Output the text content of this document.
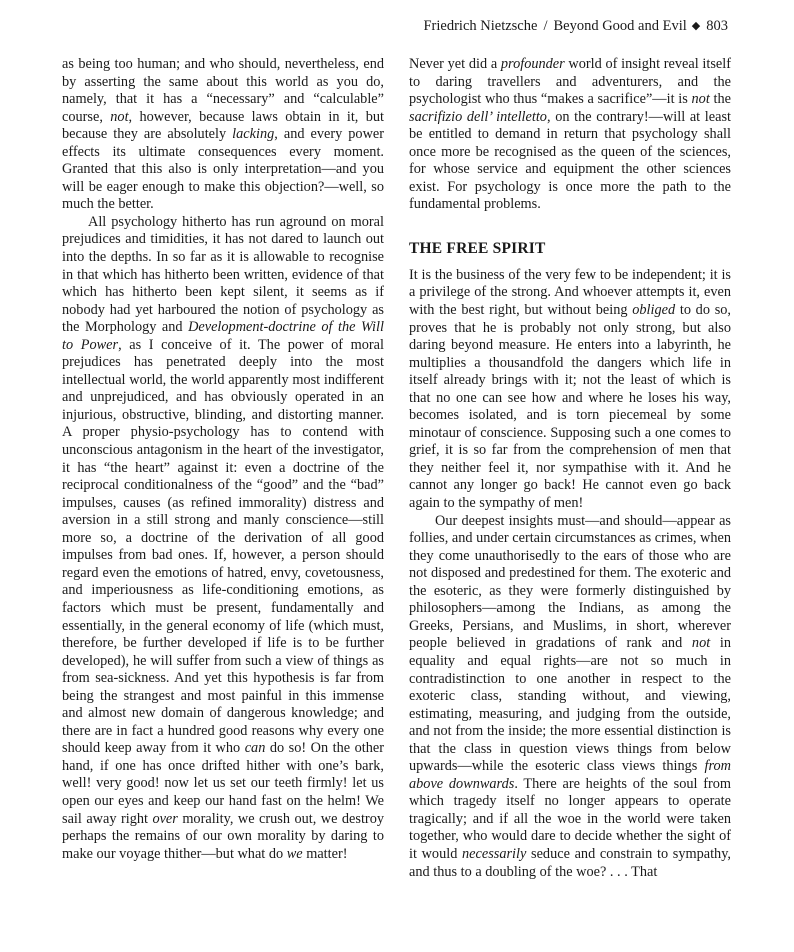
Friedrich Nietzsche / Beyond Good and Evil ◆ 803

as being too human; and who should, nevertheless, end by asserting the same about this world as you do, namely, that it has a “necessary” and “calculable” course, not, however, because laws obtain in it, but because they are absolutely lacking, and every power effects its ultimate consequences every moment. Granted that this also is only interpretation—and you will be eager enough to make this objection?—well, so much the better.

All psychology hitherto has run aground on moral prejudices and timidities, it has not dared to launch out into the depths. In so far as it is allowable to recognise in that which has hitherto been written, evidence of that which has hitherto been kept silent, it seems as if nobody had yet harboured the notion of psychology as the Morphology and Development-doctrine of the Will to Power, as I conceive of it. The power of moral prejudices has penetrated deeply into the most intellectual world, the world apparently most indifferent and unprejudiced, and has obviously operated in an injurious, obstructive, blinding, and distorting manner. A proper physio-psychology has to contend with unconscious antagonism in the heart of the investigator, it has “the heart” against it: even a doctrine of the reciprocal conditionalness of the “good” and the “bad” impulses, causes (as refined immorality) distress and aversion in a still strong and manly conscience—still more so, a doctrine of the derivation of all good impulses from bad ones. If, however, a person should regard even the emotions of hatred, envy, covetousness, and imperiousness as life-conditioning emotions, as factors which must be present, fundamentally and essentially, in the general economy of life (which must, therefore, be further developed if life is to be further developed), he will suffer from such a view of things as from sea-sickness. And yet this hypothesis is far from being the strangest and most painful in this immense and almost new domain of dangerous knowledge; and there are in fact a hundred good reasons why every one should keep away from it who can do so! On the other hand, if one has once drifted hither with one’s bark, well! very good! now let us set our teeth firmly! let us open our eyes and keep our hand fast on the helm! We sail away right over morality, we crush out, we destroy perhaps the remains of our own morality by daring to make our voyage thither—but what do we matter!

Never yet did a profounder world of insight reveal itself to daring travellers and adventurers, and the psychologist who thus “makes a sacrifice”—it is not the sacrifizio dell’ intelletto, on the contrary!—will at least be entitled to demand in return that psychology shall once more be recognised as the queen of the sciences, for whose service and equipment the other sciences exist. For psychology is once more the path to the fundamental problems.

THE FREE SPIRIT

It is the business of the very few to be independent; it is a privilege of the strong. And whoever attempts it, even with the best right, but without being obliged to do so, proves that he is probably not only strong, but also daring beyond measure. He enters into a labyrinth, he multiplies a thousandfold the dangers which life in itself already brings with it; not the least of which is that no one can see how and where he loses his way, becomes isolated, and is torn piecemeal by some minotaur of conscience. Supposing such a one comes to grief, it is so far from the comprehension of men that they neither feel it, nor sympathise with it. And he cannot any longer go back! He cannot even go back again to the sympathy of men!

Our deepest insights must—and should—appear as follies, and under certain circumstances as crimes, when they come unauthorisedly to the ears of those who are not disposed and predestined for them. The exoteric and the esoteric, as they were formerly distinguished by philosophers—among the Indians, as among the Greeks, Persians, and Muslims, in short, wherever people believed in gradations of rank and not in equality and equal rights—are not so much in contradistinction to one another in respect to the exoteric class, standing without, and viewing, estimating, measuring, and judging from the outside, and not from the inside; the more essential distinction is that the class in question views things from below upwards—while the esoteric class views things from above downwards. There are heights of the soul from which tragedy itself no longer appears to operate tragically; and if all the woe in the world were taken together, who would dare to decide whether the sight of it would necessarily seduce and constrain to sympathy, and thus to a doubling of the woe? . . . That
